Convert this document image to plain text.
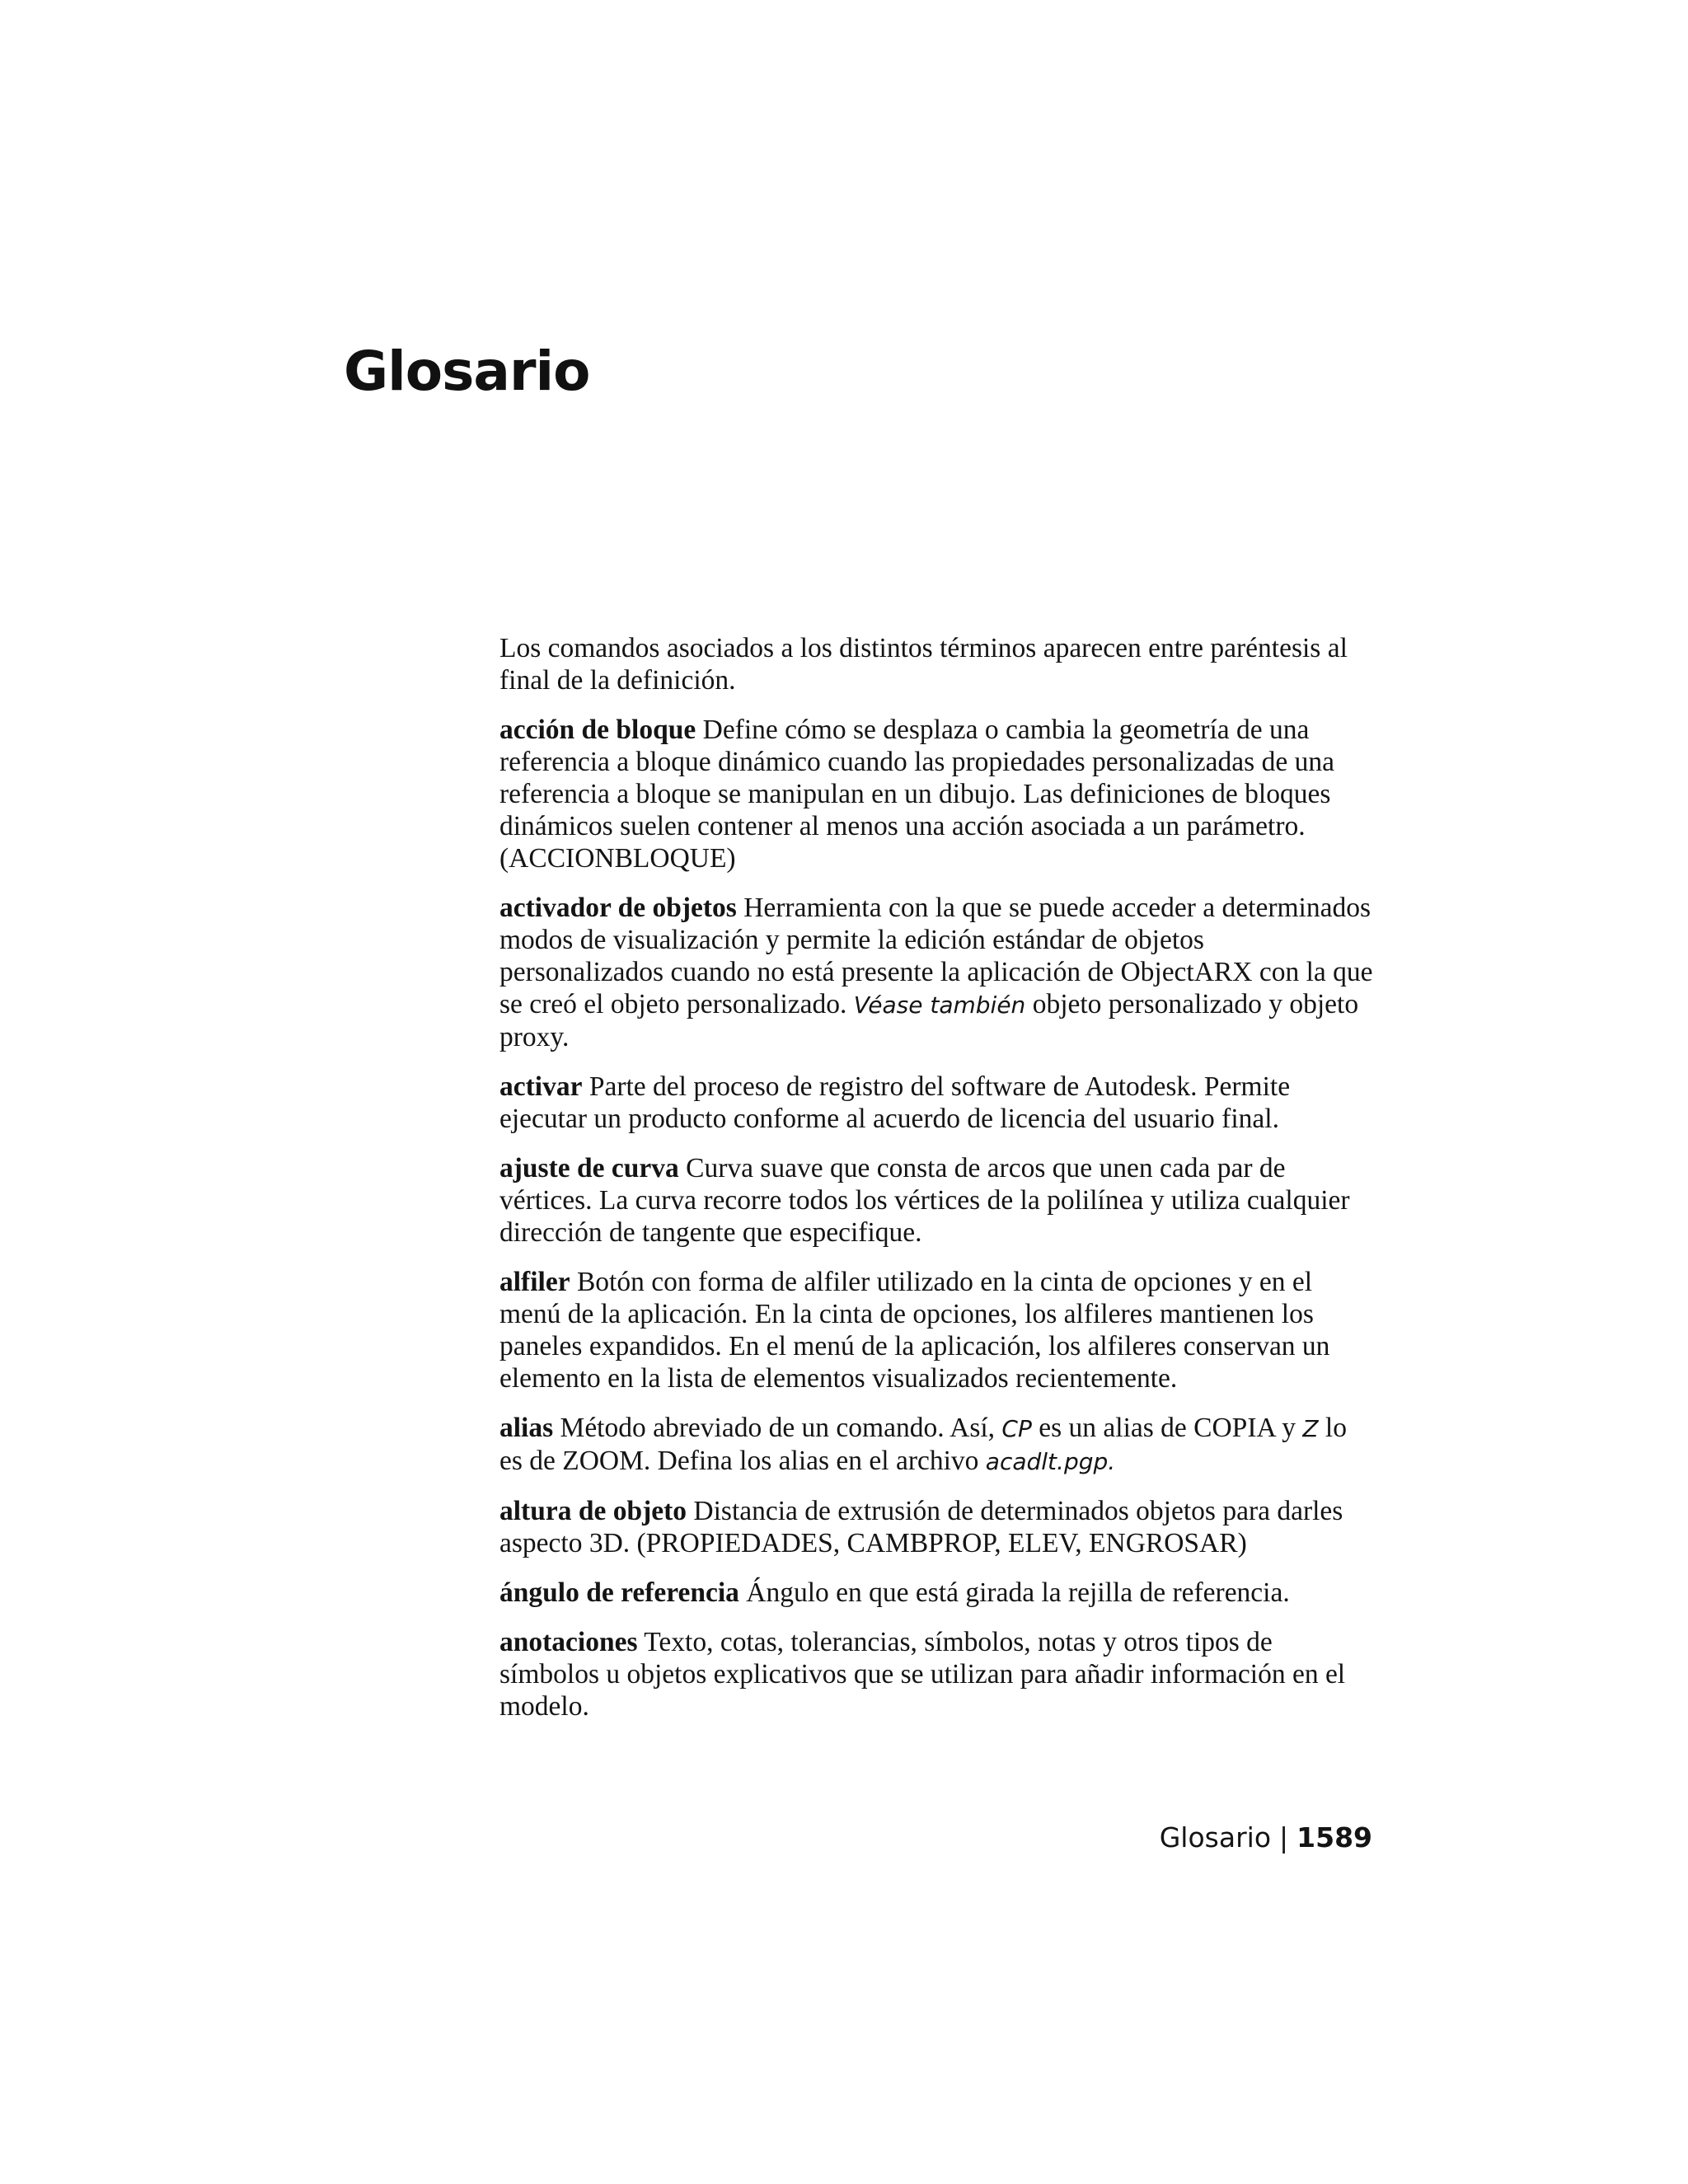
Glosario

Los comandos asociados a los distintos términos aparecen entre paréntesis al final de la definición.

acción de bloque Define cómo se desplaza o cambia la geometría de una referencia a bloque dinámico cuando las propiedades personalizadas de una referencia a bloque se manipulan en un dibujo. Las definiciones de bloques dinámicos suelen contener al menos una acción asociada a un parámetro. (ACCIONBLOQUE)

activador de objetos Herramienta con la que se puede acceder a determinados modos de visualización y permite la edición estándar de objetos personalizados cuando no está presente la aplicación de ObjectARX con la que se creó el objeto personalizado. Véase también objeto personalizado y objeto proxy.

activar Parte del proceso de registro del software de Autodesk. Permite ejecutar un producto conforme al acuerdo de licencia del usuario final.

ajuste de curva Curva suave que consta de arcos que unen cada par de vértices. La curva recorre todos los vértices de la polilínea y utiliza cualquier dirección de tangente que especifique.

alfiler Botón con forma de alfiler utilizado en la cinta de opciones y en el menú de la aplicación. En la cinta de opciones, los alfileres mantienen los paneles expandidos. En el menú de la aplicación, los alfileres conservan un elemento en la lista de elementos visualizados recientemente.

alias Método abreviado de un comando. Así, CP es un alias de COPIA y Z lo es de ZOOM. Defina los alias en el archivo acadlt.pgp.

altura de objeto Distancia de extrusión de determinados objetos para darles aspecto 3D. (PROPIEDADES, CAMBPROP, ELEV, ENGROSAR)

ángulo de referencia Ángulo en que está girada la rejilla de referencia.

anotaciones Texto, cotas, tolerancias, símbolos, notas y otros tipos de símbolos u objetos explicativos que se utilizan para añadir información en el modelo.

Glosario | 1589
